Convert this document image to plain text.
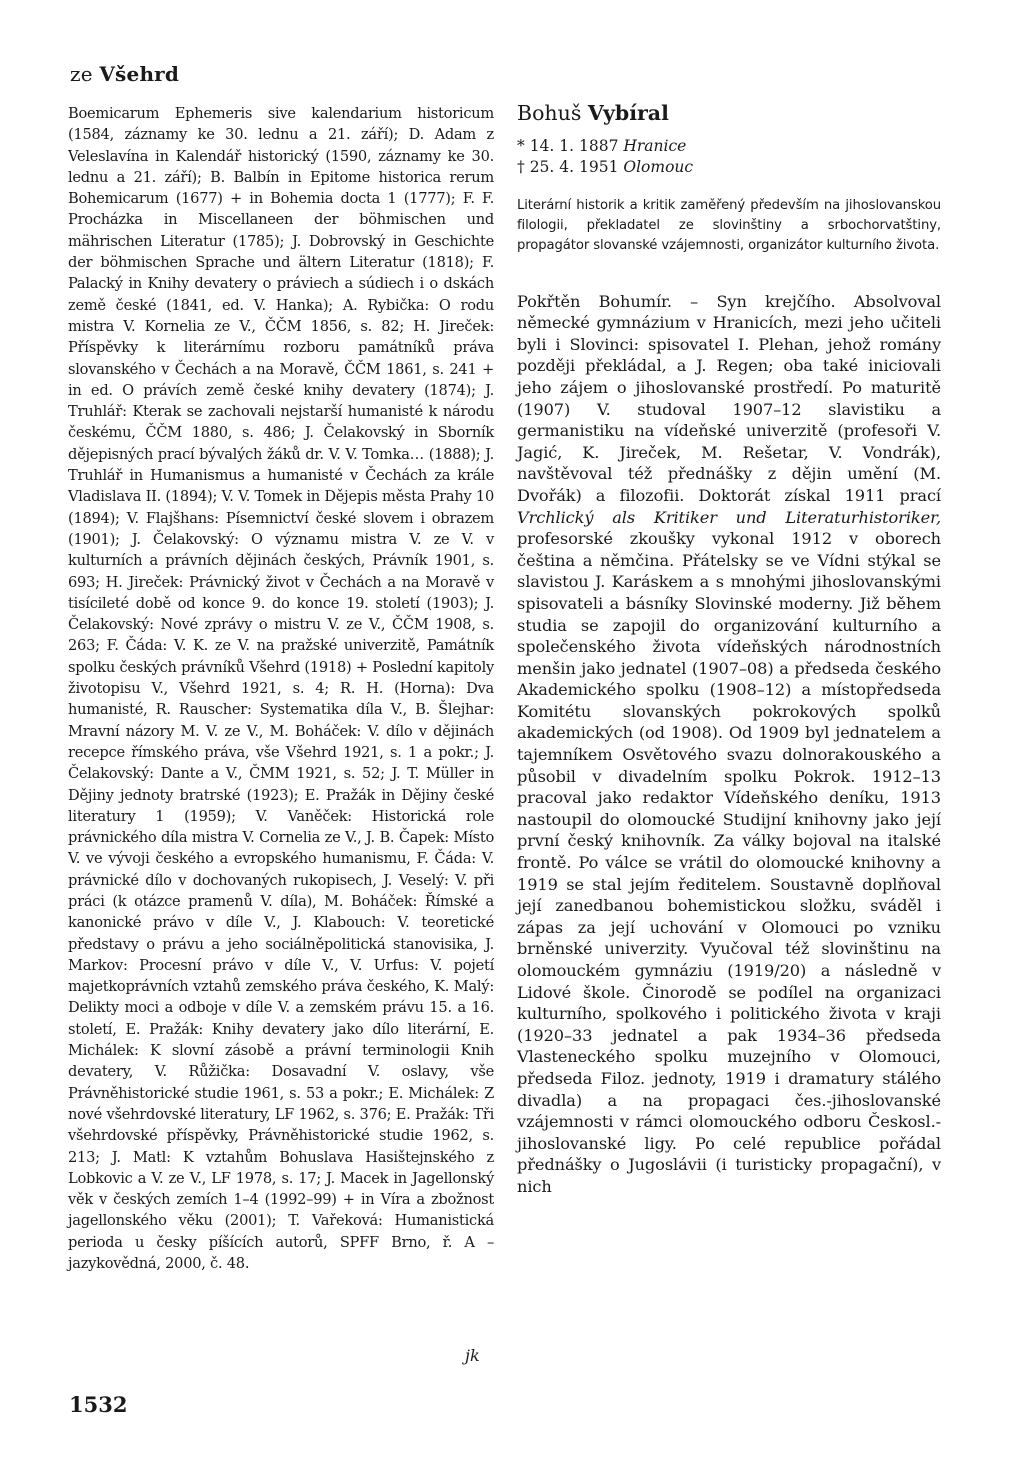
ze Všehrd
Boemicarum Ephemeris sive kalendarium historicum (1584, záznamy ke 30. lednu a 21. září); D. Adam z Veleslavína in Kalendář historický (1590, záznamy ke 30. lednu a 21. září); B. Balbín in Epitome historica rerum Bohemicarum (1677) + in Bohemia docta 1 (1777); F. F. Procházka in Miscellaneen der böhmischen und mährischen Literatur (1785); J. Dobrovský in Geschichte der böhmischen Sprache und ältern Literatur (1818); F. Palacký in Knihy devatery o práviech a súdiech i o dskách země české (1841, ed. V. Hanka); A. Rybička: O rodu mistra V. Kornelia ze V., ČČM 1856, s. 82; H. Jireček: Příspěvky k literárnímu rozboru památníků práva slovanského v Čechách a na Moravě, ČČM 1861, s. 241 + in ed. O právích země české knihy devatery (1874); J. Truhlář: Kterak se zachovali nejstarší humanisté k národu českému, ČČM 1880, s. 486; J. Čelakovský in Sborník dějepisných prací bývalých žáků dr. V. V. Tomka… (1888); J. Truhlář in Humanismus a humanisté v Čechách za krále Vladislava II. (1894); V. V. Tomek in Dějepis města Prahy 10 (1894); V. Flajšhans: Písemnictví české slovem i obrazem (1901); J. Čelakovský: O významu mistra V. ze V. v kulturních a právních dějinách českých, Právník 1901, s. 693; H. Jireček: Právnický život v Čechách a na Moravě v tisícileté době od konce 9. do konce 19. století (1903); J. Čelakovský: Nové zprávy o mistru V. ze V., ČČM 1908, s. 263; F. Čáda: V. K. ze V. na pražské univerzitě, Památník spolku českých právníků Všehrd (1918) + Poslední kapitoly životopisu V., Všehrd 1921, s. 4; R. H. (Horna): Dva humanisté, R. Rauscher: Systematika díla V., B. Šlejhar: Mravní názory M. V. ze V., M. Boháček: V. dílo v dějinách recepce římského práva, vše Všehrd 1921, s. 1 a pokr.; J. Čelakovský: Dante a V., ČMM 1921, s. 52; J. T. Müller in Dějiny jednoty bratrské (1923); E. Pražák in Dějiny české literatury 1 (1959); V. Vaněček: Historická role právnického díla mistra V. Cornelia ze V., J. B. Čapek: Místo V. ve vývoji českého a evropského humanismu, F. Čáda: V. právnické dílo v dochovaných rukopisech, J. Veselý: V. při práci (k otázce pramenů V. díla), M. Boháček: Římské a kanonické právo v díle V., J. Klabouch: V. teoretické představy o právu a jeho sociálněpolitická stanovisika, J. Markov: Procesní právo v díle V., V. Urfus: V. pojetí majetkoprávních vztahů zemského práva českého, K. Malý: Delikty moci a odboje v díle V. a zemském právu 15. a 16. století, E. Pražák: Knihy devatery jako dílo literární, E. Michálek: K slovní zásobě a právní terminologii Knih devatery, V. Růžička: Dosavadní V. oslavy, vše Právněhistorické studie 1961, s. 53 a pokr.; E. Michálek: Z nové všehrdovské literatury, LF 1962, s. 376; E. Pražák: Tři všehrdovské příspěvky, Právněhistorické studie 1962, s. 213; J. Matl: K vztahům Bohuslava Hasištejnského z Lobkovic a V. ze V., LF 1978, s. 17; J. Macek in Jagellonský věk v českých zemích 1–4 (1992–99) + in Víra a zbožnost jagellonského věku (2001); T. Vařeková: Humanistická perioda u česky píšících autorů, SPFF Brno, ř. A – jazykovědná, 2000, č. 48.
jk
1532
Bohuš Vybíral
* 14. 1. 1887 Hranice
† 25. 4. 1951 Olomouc
Literární historik a kritik zaměřený především na jihoslovanskou filologii, překladatel ze slovinštiny a srbochorvatštiny, propagátor slovanské vzájemnosti, organizátor kulturního života.
Pokřtěn Bohumír. – Syn krejčího. Absolvoval německé gymnázium v Hranicích, mezi jeho učiteli byli i Slovinci: spisovatel I. Plehan, jehož romány později překládal, a J. Regen; oba také iniciovali jeho zájem o jihoslovanské prostředí. Po maturitě (1907) V. studoval 1907–12 slavistiku a germanistiku na vídeňské univerzitě (profesoři V. Jagić, K. Jireček, M. Rešetar, V. Vondrák), navštěvoval též přednášky z dějin umění (M. Dvořák) a filozofii. Doktorát získal 1911 prací Vrchlický als Kritiker und Literaturhistoriker, profesorské zkoušky vykonal 1912 v oborech čeština a němčina. Přátelsky se ve Vídni stýkal se slavistou J. Karáskem a s mnohými jihoslovanskými spisovateli a básníky Slovinské moderny. Již během studia se zapojil do organizování kulturního a společenského života vídeňských národnostních menšin jako jednatel (1907–08) a předseda českého Akademického spolku (1908–12) a místopředseda Komitétu slovanských pokrokových spolků akademických (od 1908). Od 1909 byl jednatelem a tajemníkem Osvětového svazu dolnorakouského a působil v divadelním spolku Pokrok. 1912–13 pracoval jako redaktor Vídeňského deníku, 1913 nastoupil do olomoucké Studijní knihovny jako její první český knihovník. Za války bojoval na italské frontě. Po válce se vrátil do olomoucké knihovny a 1919 se stal jejím ředitelem. Soustavně doplňoval její zanedbanou bohemistickou složku, sváděl i zápas za její uchování v Olomouci po vzniku brněnské univerzity. Vyučoval též slovinštinu na olomouckém gymnáziu (1919/20) a následně v Lidové škole. Činorodě se podílel na organizaci kulturního, spolkového i politického života v kraji (1920–33 jednatel a pak 1934–36 předseda Vlasteneckého spolku muzejního v Olomouci, předseda Filoz. jednoty, 1919 i dramatury stálého divadla) a na propagaci čes.-jihoslovanské vzájemnosti v rámci olomouckého odboru Českosl.-jihoslovanské ligy. Po celé republice pořádal přednášky o Jugoslávii (i turisticky propagační), v nich
